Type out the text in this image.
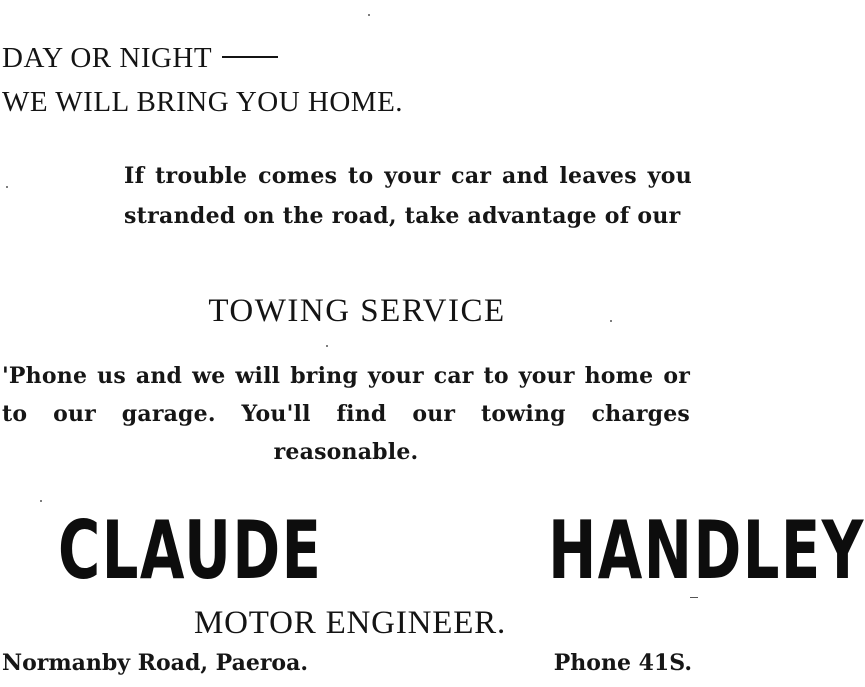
DAY OR NIGHT
WE WILL BRING YOU HOME.
If trouble comes to your car and leaves you stranded on the road, take advantage of our
TOWING SERVICE
'Phone us and we will bring your car to your home or to our garage. You'll find our towing charges reasonable.
CLAUDE	HANDLEY
MOTOR ENGINEER.
Normanby Road, Paeroa.	Phone 41S.
